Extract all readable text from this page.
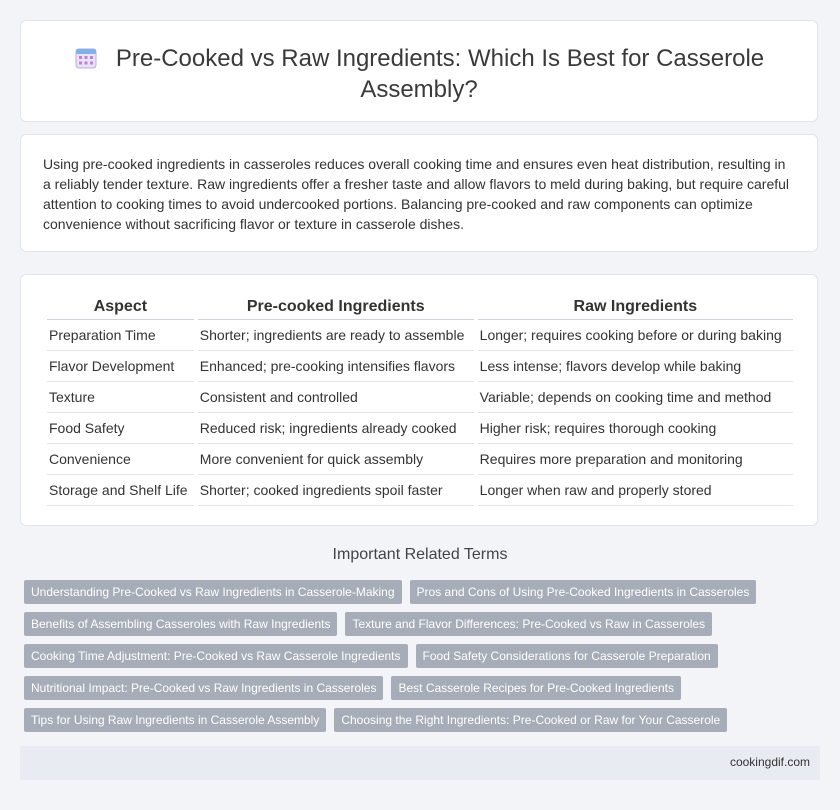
Pre-Cooked vs Raw Ingredients: Which Is Best for Casserole Assembly?
Using pre-cooked ingredients in casseroles reduces overall cooking time and ensures even heat distribution, resulting in a reliably tender texture. Raw ingredients offer a fresher taste and allow flavors to meld during baking, but require careful attention to cooking times to avoid undercooked portions. Balancing pre-cooked and raw components can optimize convenience without sacrificing flavor or texture in casserole dishes.
Aspect	Pre-cooked Ingredients	Raw Ingredients
Preparation Time	Shorter; ingredients are ready to assemble	Longer; requires cooking before or during baking
Flavor Development	Enhanced; pre-cooking intensifies flavors	Less intense; flavors develop while baking
Texture	Consistent and controlled	Variable; depends on cooking time and method
Food Safety	Reduced risk; ingredients already cooked	Higher risk; requires thorough cooking
Convenience	More convenient for quick assembly	Requires more preparation and monitoring
Storage and Shelf Life	Shorter; cooked ingredients spoil faster	Longer when raw and properly stored
Important Related Terms
Understanding Pre-Cooked vs Raw Ingredients in Casserole-Making Pros and Cons of Using Pre-Cooked Ingredients in Casseroles
Benefits of Assembling Casseroles with Raw Ingredients Texture and Flavor Differences: Pre-Cooked vs Raw in Casseroles
Cooking Time Adjustment: Pre-Cooked vs Raw Casserole Ingredients Food Safety Considerations for Casserole Preparation
Nutritional Impact: Pre-Cooked vs Raw Ingredients in Casseroles Best Casserole Recipes for Pre-Cooked Ingredients
Tips for Using Raw Ingredients in Casserole Assembly Choosing the Right Ingredients: Pre-Cooked or Raw for Your Casserole
cookingdif.com
